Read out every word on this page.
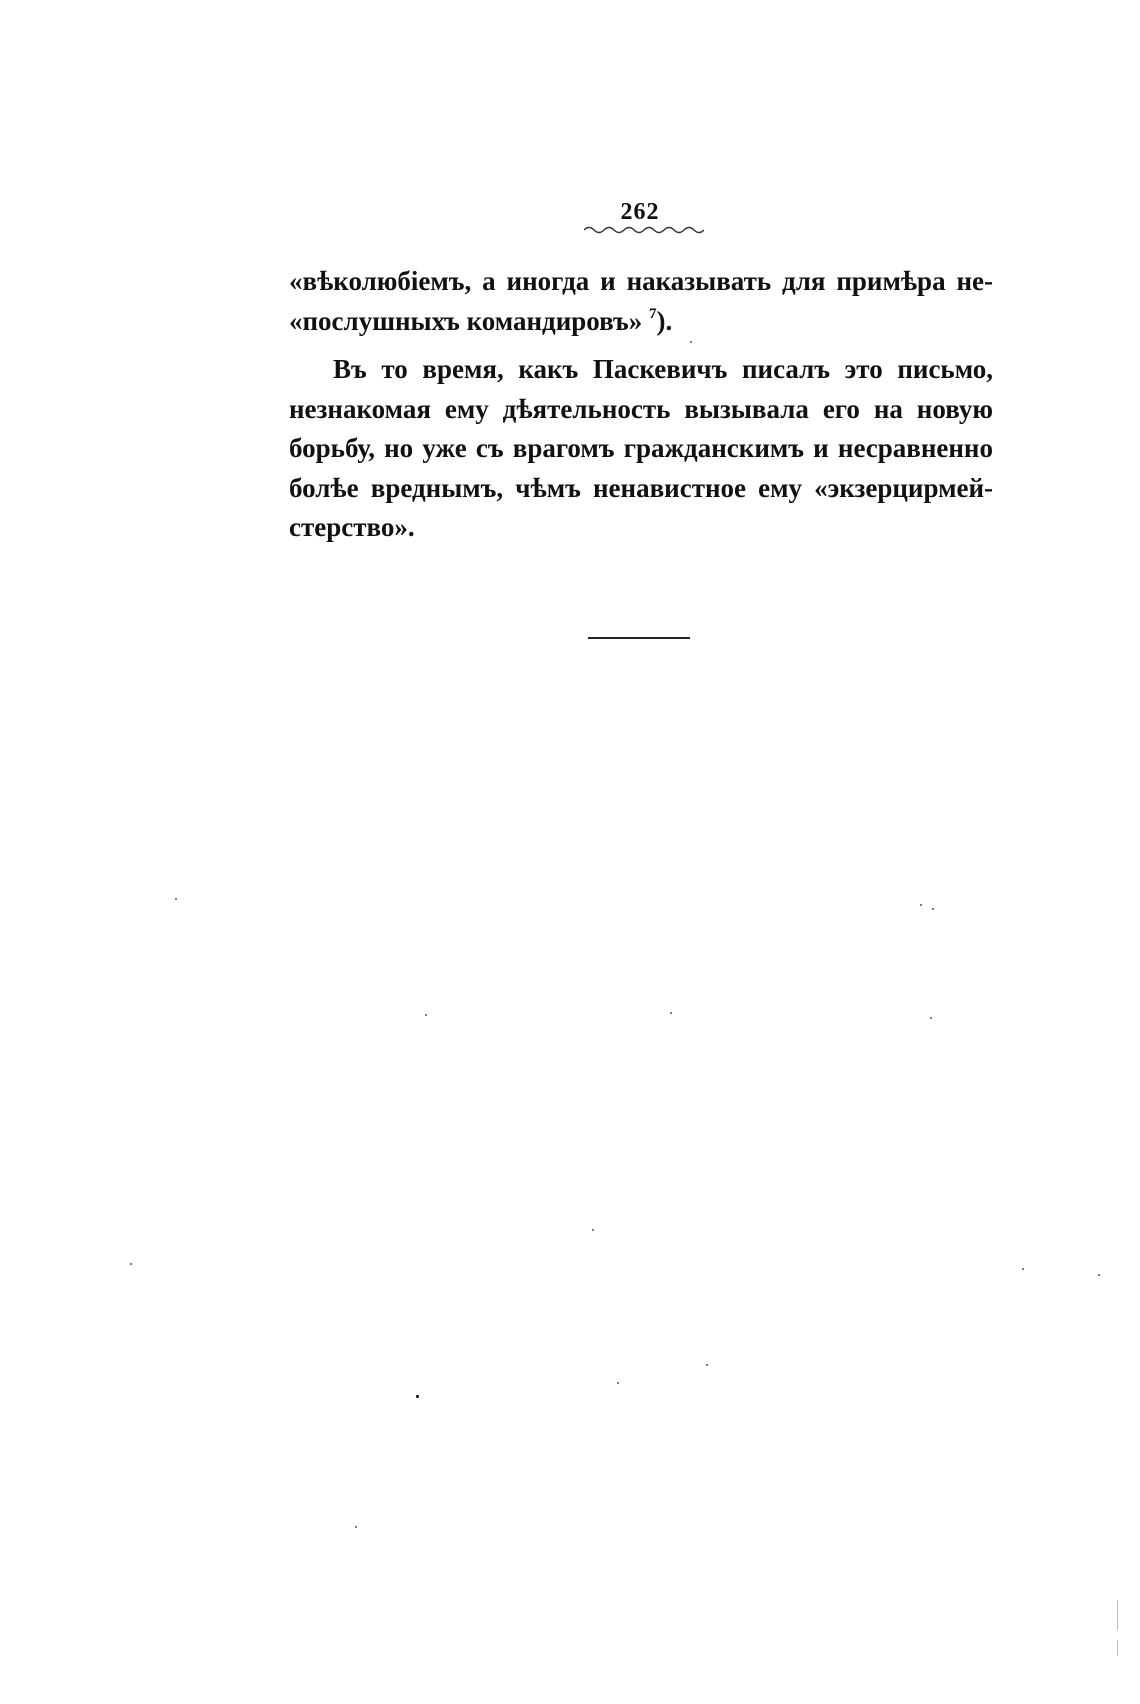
262
«вѣколюбіемъ, а иногда и наказывать для примѣра не-
«послушныхъ командировъ» $^7$).
Въ то время, какъ Паскевичъ писалъ это письмо,
незнакомая ему дѣятельность вызывала его на новую
борьбу, но уже съ врагомъ гражданскимъ и несравненно
болѣе вреднымъ, чѣмъ ненавистное ему «экзерцирмей-
стерство».
